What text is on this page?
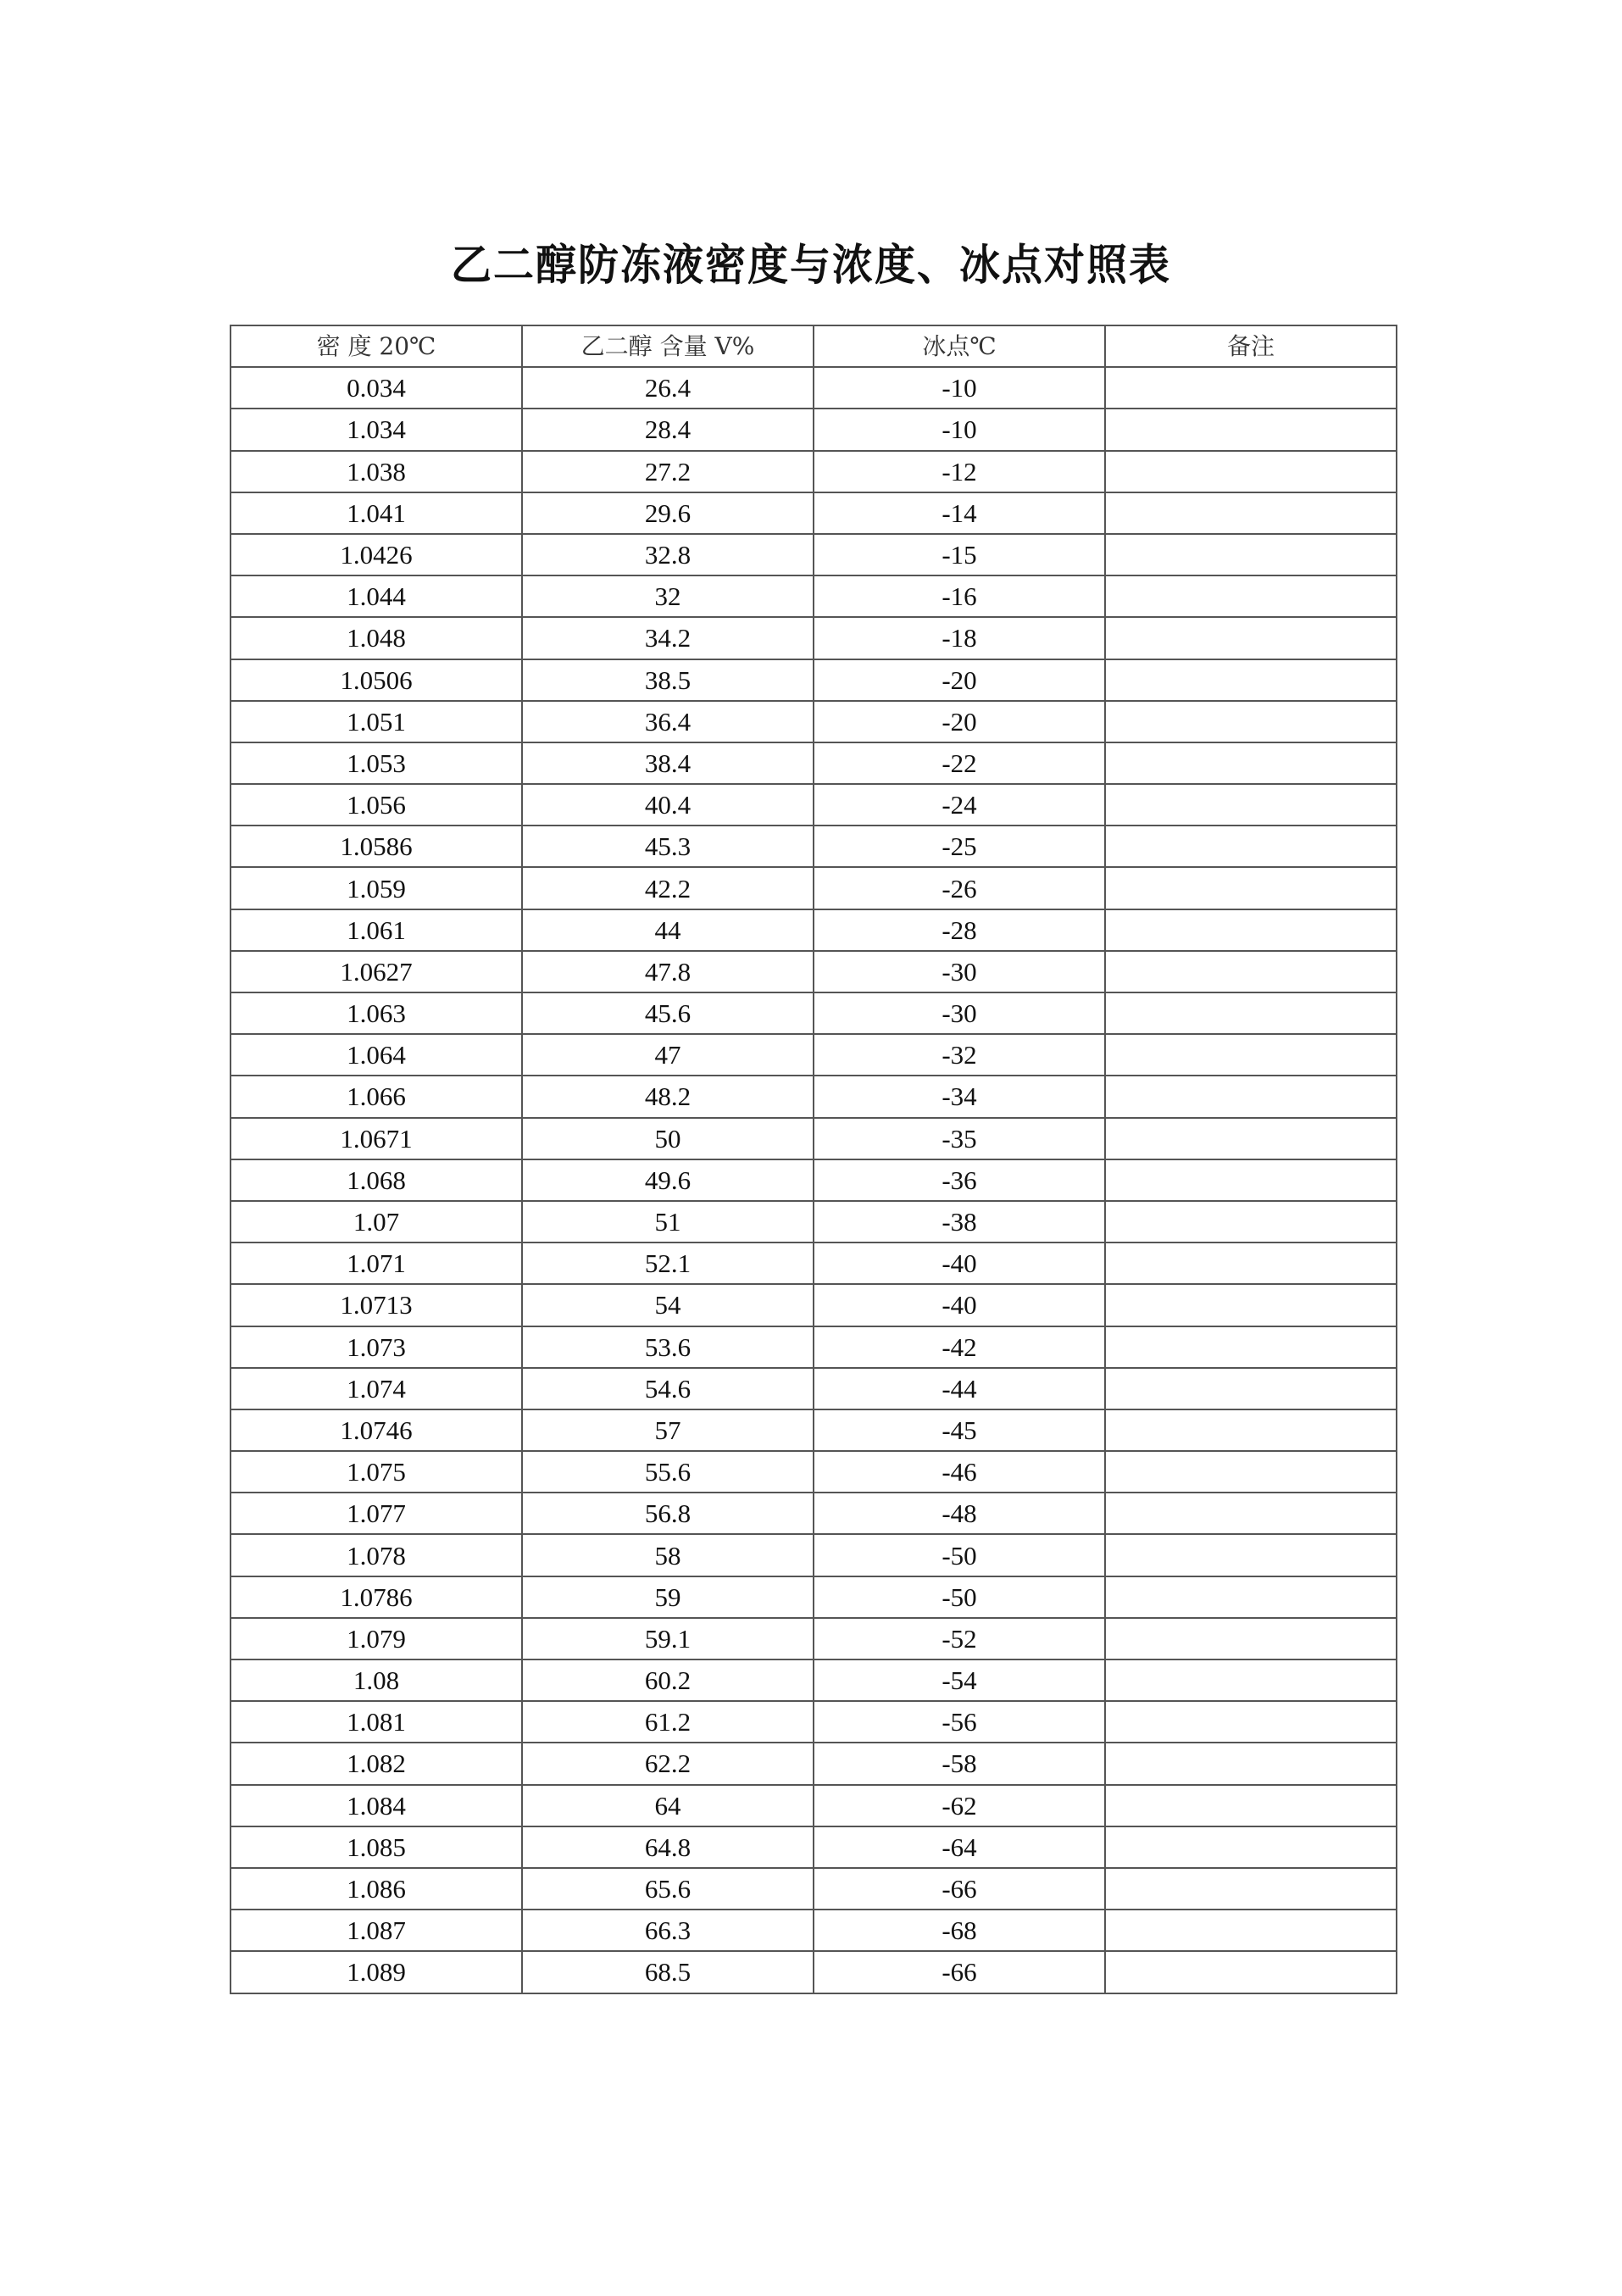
乙二醇防冻液密度与浓度、冰点对照表
密 度 20℃	乙二醇 含量 V%	冰点℃	备注
0.034	26.4	-10	
1.034	28.4	-10	
1.038	27.2	-12	
1.041	29.6	-14	
1.0426	32.8	-15	
1.044	32	-16	
1.048	34.2	-18	
1.0506	38.5	-20	
1.051	36.4	-20	
1.053	38.4	-22	
1.056	40.4	-24	
1.0586	45.3	-25	
1.059	42.2	-26	
1.061	44	-28	
1.0627	47.8	-30	
1.063	45.6	-30	
1.064	47	-32	
1.066	48.2	-34	
1.0671	50	-35	
1.068	49.6	-36	
1.07	51	-38	
1.071	52.1	-40	
1.0713	54	-40	
1.073	53.6	-42	
1.074	54.6	-44	
1.0746	57	-45	
1.075	55.6	-46	
1.077	56.8	-48	
1.078	58	-50	
1.0786	59	-50	
1.079	59.1	-52	
1.08	60.2	-54	
1.081	61.2	-56	
1.082	62.2	-58	
1.084	64	-62	
1.085	64.8	-64	
1.086	65.6	-66	
1.087	66.3	-68	
1.089	68.5	-66	
